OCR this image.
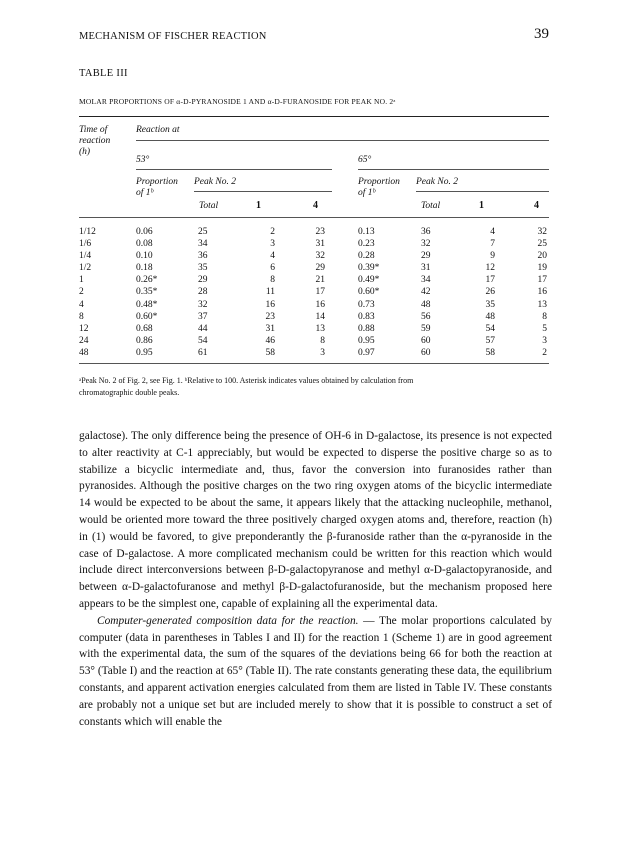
MECHANISM OF FISCHER REACTION	39
TABLE III
MOLAR PROPORTIONS OF α-D-PYRANOSIDE 1 AND α-D-FURANOSIDE FOR PEAK NO. 2ᵃ
Time of
reaction
(h)
Reaction at
53°	65°
Proportion
of 1ᵇ
Peak No. 2	Proportion
of 1ᵇ
Peak No. 2
Total	1	4	Total	1	4
1/12	0.06	25	2	23	0.13	36	4	32
1/6	0.08	34	3	31	0.23	32	7	25
1/4	0.10	36	4	32	0.28	29	9	20
1/2	0.18	35	6	29	0.39*	31	12	19
1	0.26*	29	8	21	0.49*	34	17	17
2	0.35*	28	11	17	0.60*	42	26	16
4	0.48*	32	16	16	0.73	48	35	13
8	0.60*	37	23	14	0.83	56	48	8
12	0.68	44	31	13	0.88	59	54	5
24	0.86	54	46	8	0.95	60	57	3
48	0.95	61	58	3	0.97	60	58	2
ᵃPeak No. 2 of Fig. 2, see Fig. 1. ᵇRelative to 100. Asterisk indicates values obtained by calculation from
chromatographic double peaks.

galactose). The only difference being the presence of OH-6 in D-galactose, its presence is not expected to alter reactivity at C-1 appreciably, but would be expected to disperse the positive charge so as to stabilize a bicyclic intermediate and, thus, favor the conversion into furanosides rather than pyranosides. Although the positive charges on the two ring oxygen atoms of the bicyclic intermediate 14 would be expected to be about the same, it appears likely that the attacking nucleophile, methanol, would be oriented more toward the three positively charged oxygen atoms and, therefore, reaction (h) in (1) would be favored, to give preponderantly the β-furanoside rather than the α-pyranoside in the case of D-galactose. A more complicated mechanism could be written for this reaction which would include direct interconversions between β-D-galactopyranose and methyl α-D-galactopyranoside, and between α-D-galactofuranose and methyl β-D-galactofuranoside, but the mechanism proposed here appears to be the simplest one, capable of explaining all the experimental data.

Computer-generated composition data for the reaction. — The molar proportions calculated by computer (data in parentheses in Tables I and II) for the reaction 1 (Scheme 1) are in good agreement with the experimental data, the sum of the squares of the deviations being 66 for both the reaction at 53° (Table I) and the reaction at 65° (Table II). The rate constants generating these data, the equilibrium constants, and apparent activation energies calculated from them are listed in Table IV. These constants are probably not a unique set but are included merely to show that it is possible to construct a set of constants which will enable the
